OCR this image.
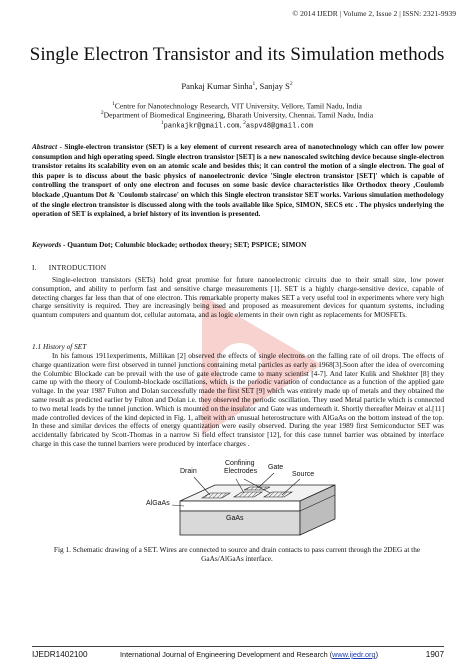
© 2014 IJEDR | Volume 2, Issue 2 | ISSN: 2321-9939
Single Electron Transistor and its Simulation methods
Pankaj Kumar Sinha$^1$, Sanjay $S^2$
$^1$Centre for Nanotechnology Research, VIT University, Vellore, Tamil Nadu, India
$^2$Department of Biomedical Engineering, Bharath University, Chennai, Tamil Nadu, India
$^1$pankajkr@gmail.com, $^2$aspv48@gmail.com
Abstract - Single-electron transistor (SET) is a key element of current research area of nanotechnology which can offer low power consumption and high operating speed. Single electron transistor [SET] is a new nanoscaled switching device because single-electron transistor retains its scalability even on an atomic scale and besides this; it can control the motion of a single electron. The goal of this paper is to discuss about the basic physics of nanoelectronic device 'Single electron transistor [SET]' which is capable of controlling the transport of only one electron and focuses on some basic device characteristics like Orthodox theory ,Coulomb blockade ,Quantum Dot & 'Coulomb staircase' on which this Single electron transistor SET works. Various simulation methodology of the single electron transistor is discussed along with the tools available like Spice, SIMON, SECS etc . The physics underlying the operation of SET is explained, a brief history of its invention is presented.
Keywords - Quantum Dot; Columbic blockade; orthodox theory; SET; PSPICE; SIMON
I. INTRODUCTION
Single-electron transistors (SETs) hold great promise for future nanoelectronic circuits due to their small size, low power consumption, and ability to perform fast and sensitive charge measurements [1]. SET is a highly charge-sensitive device, capable of detecting charges far less than that of one electron. This remarkable property makes SET a very useful tool in experiments where very high charge sensitivity is required. They are increasingly being used and proposed as measurement devices for quantum systems, including quantum computers and quantum dot, cellular automata, and as logic elements in their own right as replacements for MOSFETs.
1.1 History of SET
In his famous 1911experiments, Millikan [2] observed the effects of single electrons on the falling rate of oil drops. The effects of charge quantization were first observed in tunnel junctions containing metal particles as early as 1968[3].Soon after the idea of overcoming the Columbic Blockade can be prevail with the use of gate electrode came to many scientist [4-7]. And later Kulik and Shekhter [8] they came up with the theory of Coulomb-blockade oscillations, which is the periodic variation of conductance as a function of the applied gate voltage. In the year 1987 Fulton and Dolan successfully made the first SET [9] which was entirely made up of metals and they obtained the same result as predicted earlier by Fulton and Dolan i.e. they observed the periodic oscillation. They used Metal particle which is connected to two metal leads by the tunnel junction. Which is mounted on the insulator and Gate was underneath it. Shortly thereafter Meirav et al.[11] made controlled devices of the kind depicted in Fig. 1, albeit with an unusual heterostructure with AlGaAs on the bottom instead of the top. In these and similar devices the effects of energy quantization were easily observed. During the year 1989 first Semiconductor SET was accidentally fabricated by Scott-Thomas in a narrow Si field effect transistor [12], for this case tunnel barrier was obtained by interface charge in this case the tunnel barriers were produced by interface charges .
Drain
Confining
Electrodes
Gate
Source
AlGaAs
GaAs
Fig 1. Schematic drawing of a SET. Wires are connected to source and drain contacts to pass current through the 2DEG at the GaAs/AlGaAs interface.
IJEDR1402100	International Journal of Engineering Development and Research (www.ijedr.org)	1907
